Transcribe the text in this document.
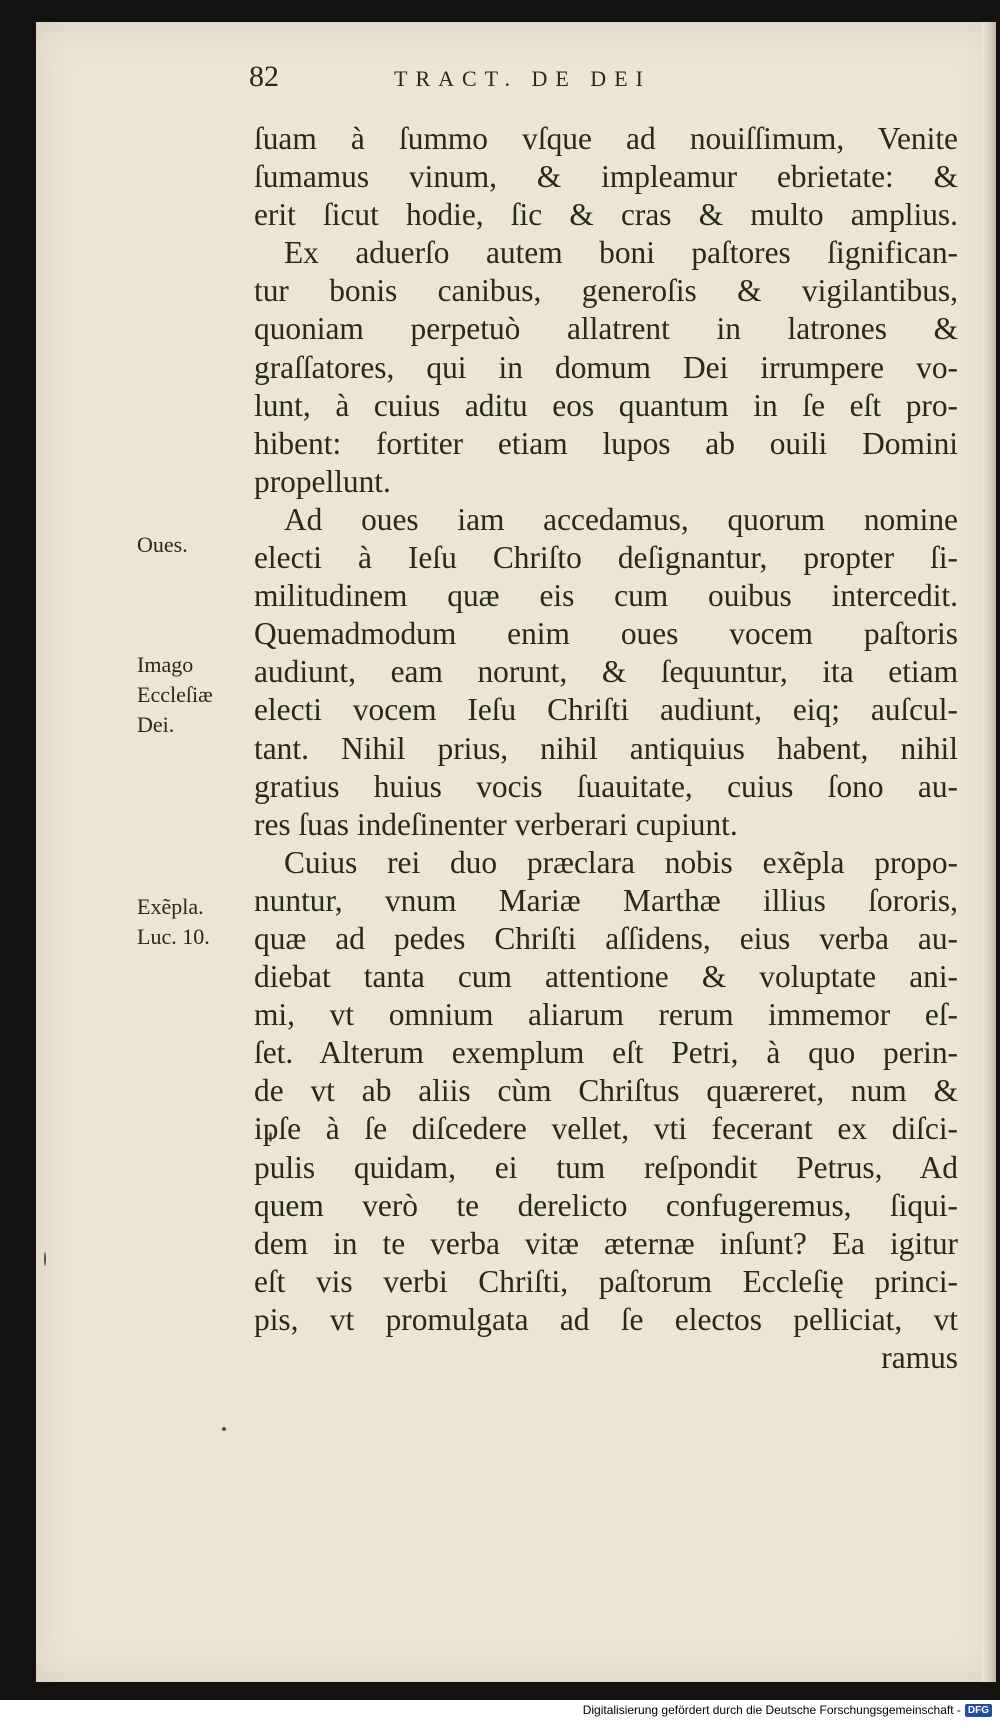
82	TRACT. DE DEI
ſuam à ſummo vſque ad nouiſſimum, Venite
ſumamus vinum, & impleamur ebrietate: &
erit ſicut hodie, ſic & cras & multo amplius.
Ex aduerſo autem boni paſtores ſignifican-
tur bonis canibus, generoſis & vigilantibus,
quoniam perpetuò allatrent in latrones &
graſſatores, qui in domum Dei irrumpere vo-
lunt, à cuius aditu eos quantum in ſe eſt pro-
hibent: fortiter etiam lupos ab ouili Domini
propellunt.
Ad oues iam accedamus, quorum nomine
electi à Ieſu Chriſto deſignantur, propter ſi-
militudinem quæ eis cum ouibus intercedit.
Quemadmodum enim oues vocem paſtoris
audiunt, eam norunt, & ſequuntur, ita etiam
electi vocem Ieſu Chriſti audiunt, eiq; auſcul-
tant. Nihil prius, nihil antiquius habent, nihil
gratius huius vocis ſuauitate, cuius ſono au-
res ſuas indeſinenter verberari cupiunt.
Cuius rei duo præclara nobis exẽpla propo-
nuntur, vnum Mariæ Marthæ illius ſororis,
quæ ad pedes Chriſti aſſidens, eius verba au-
diebat tanta cum attentione & voluptate ani-
mi, vt omnium aliarum rerum immemor eſ-
ſet. Alterum exemplum eſt Petri, à quo perin-
de vt ab aliis cùm Chriſtus quæreret, num &
ipſe à ſe diſcedere vellet, vti fecerant ex diſci-
pulis quidam, ei tum reſpondit Petrus, Ad
quem verò te derelicto confugeremus, ſiqui-
dem in te verba vitæ æternæ inſunt? Ea igitur
eſt vis verbi Chriſti, paſtorum Eccleſię princi-
pis, vt promulgata ad ſe electos pelliciat, vt
ramus
Oues.
Imago
Eccleſiæ
Dei.
Exẽpla.
Luc. 10.
Digitalisierung gefördert durch die Deutsche Forschungsgemeinschaft - DFG
